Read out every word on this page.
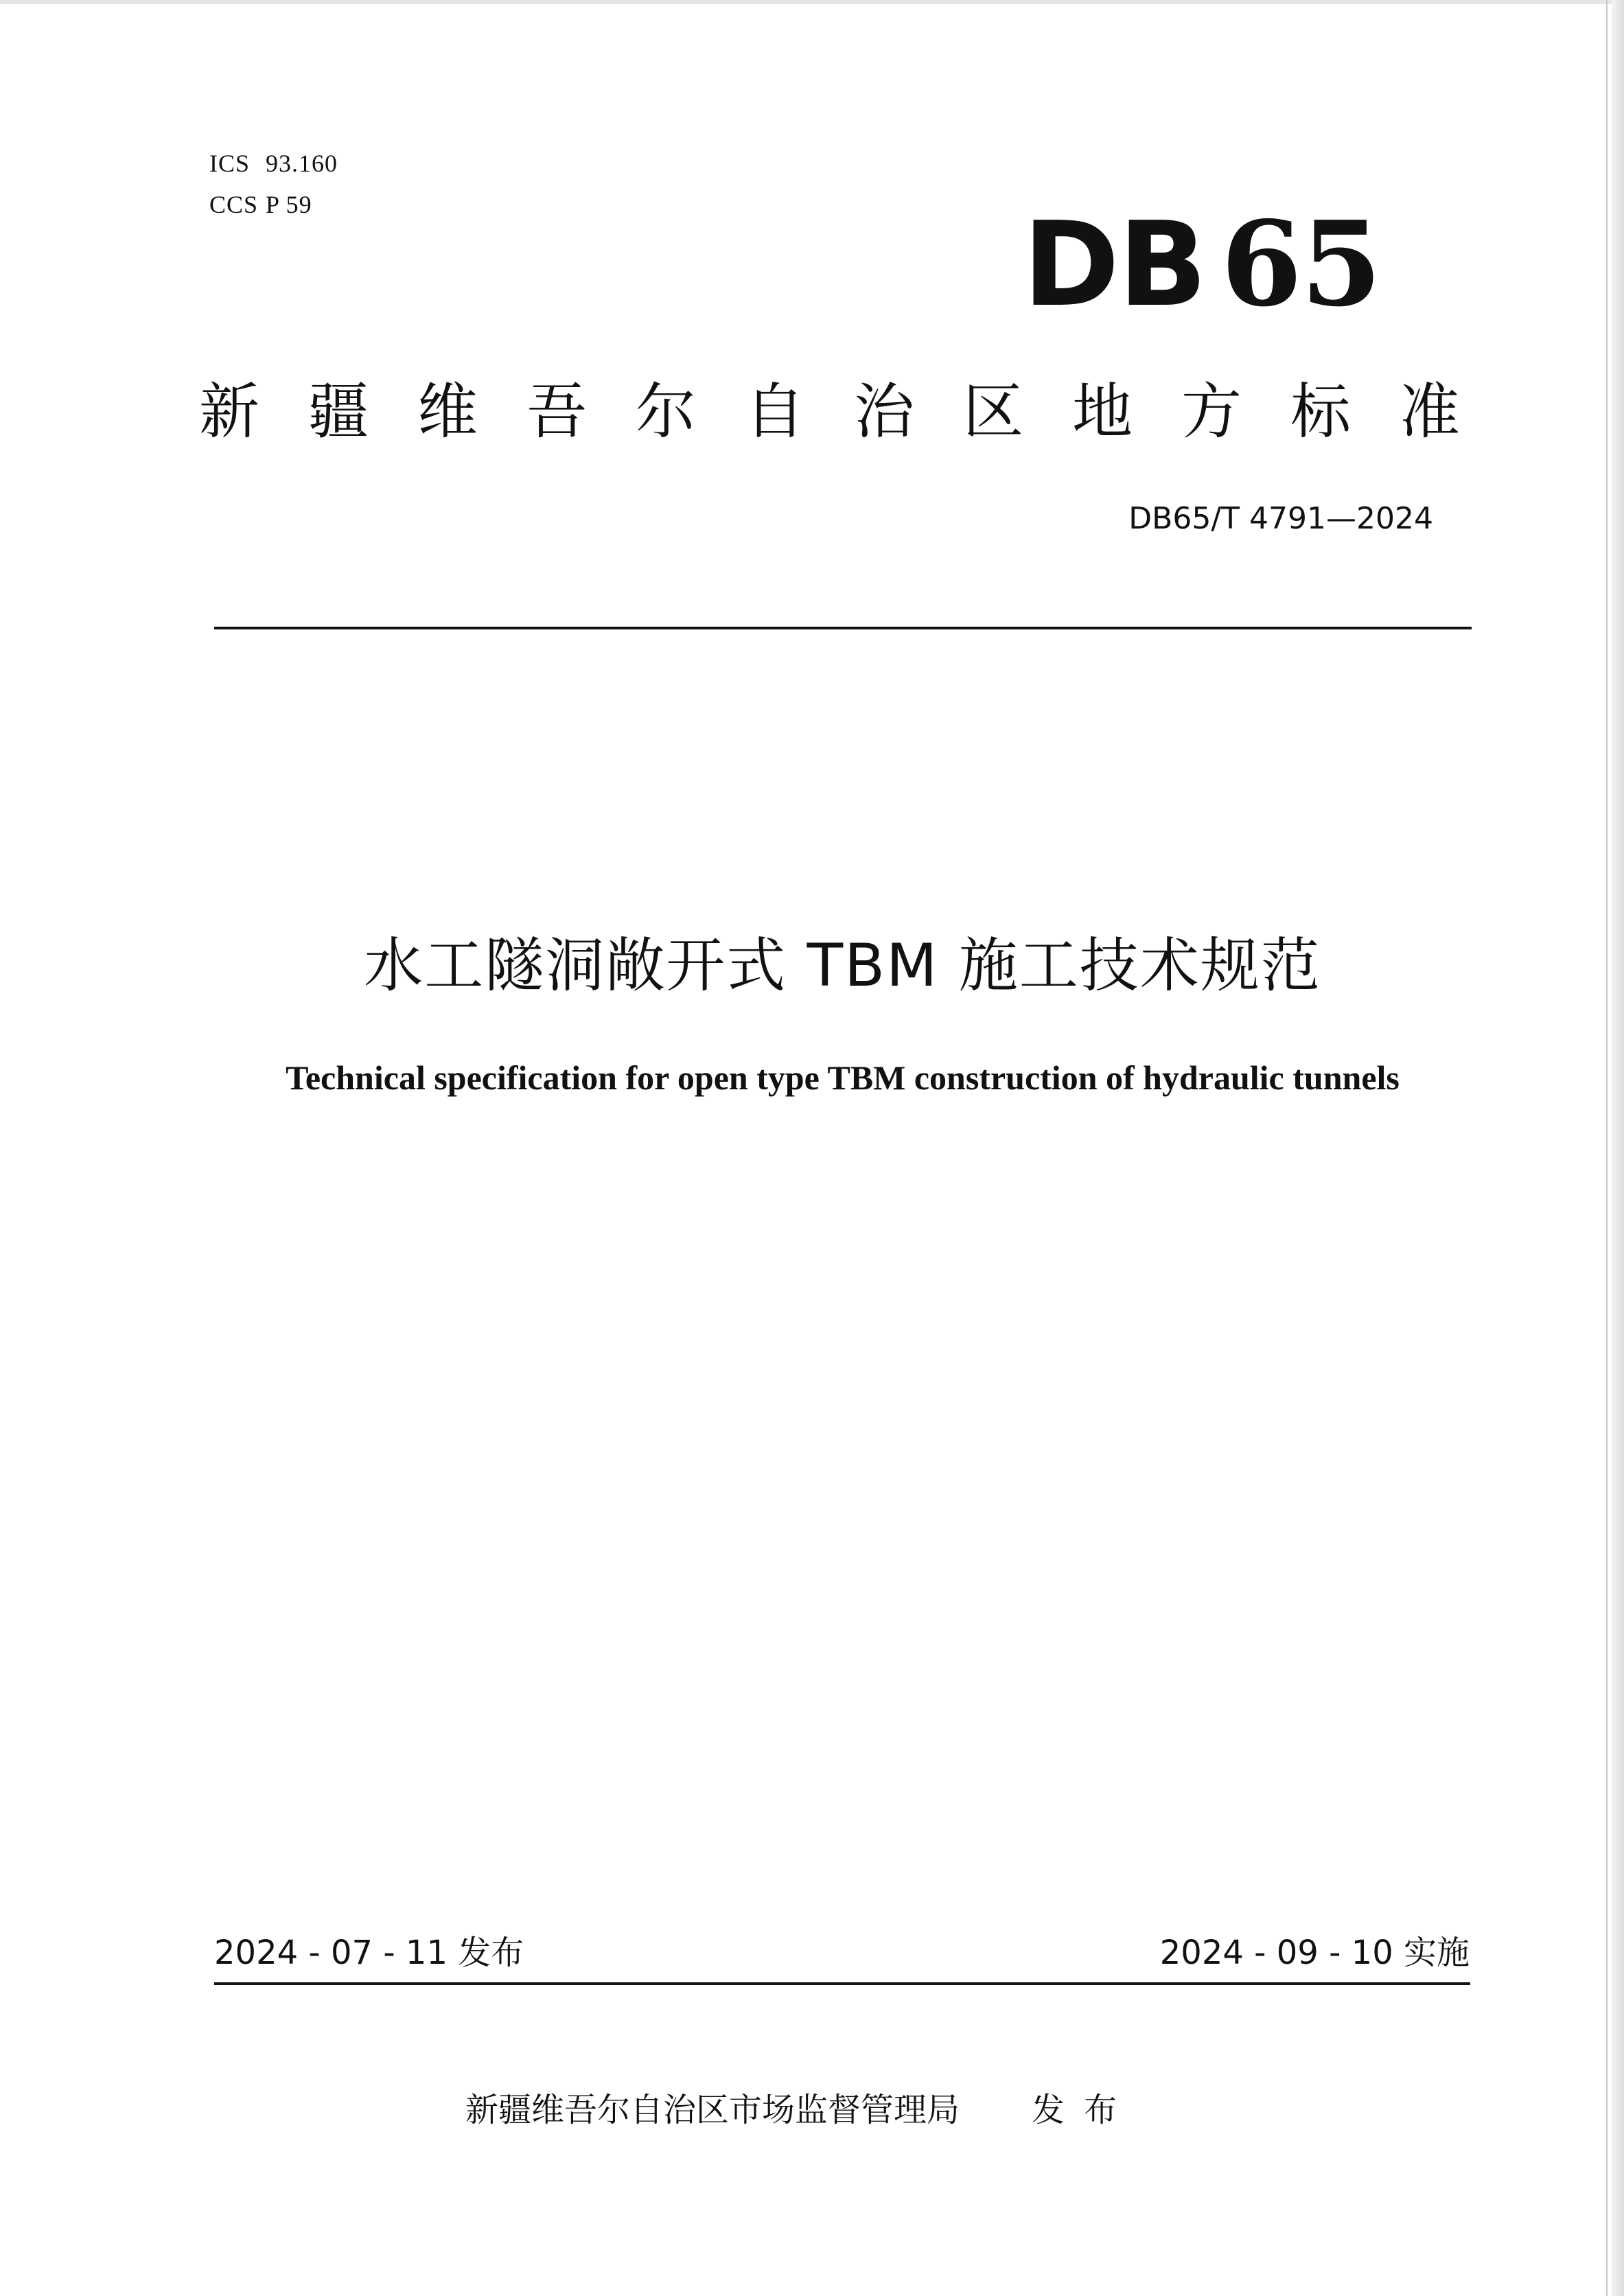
ICS 93.160
CCS P 59	DB 65
新疆维吾尔自治区地方标准
DB65/T 4791—2024
水工隧洞敞开式 TBM 施工技术规范
Technical specification for open type TBM construction of hydraulic tunnels
2024 - 07 - 11 发布	2024 - 09 - 10 实施
新疆维吾尔自治区市场监督管理局 发布
